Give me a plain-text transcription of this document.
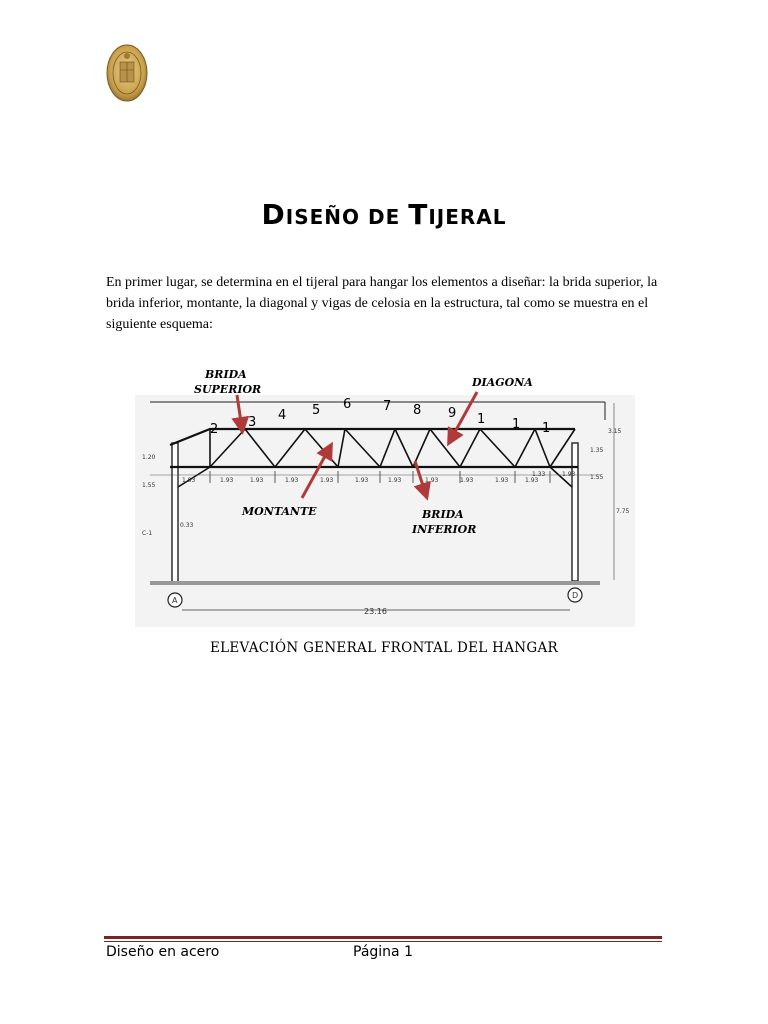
DISEÑO DE TIJERAL
En primer lugar, se determina en el tijeral para hangar los elementos a diseñar: la brida superior, la brida inferior, montante, la diagonal y vigas de celosia en la estructura, tal como se muestra en el siguiente esquema:
1.93	1.93	1.93	1.93	1.93	1.93	1.93	1.93	1.93	1.93	1.93
1.33	1.93
1.20
1.55
0.33
C-1
3.15
1.35
1.55
7.75
A
D
23.16
2 3 4 5 6 7 8 9 1 1 1
BRIDA
SUPERIOR
DIAGONA
MONTANTE	BRIDA
INFERIOR
ELEVACIÓN GENERAL FRONTAL DEL HANGAR
Diseño en acero	Página 1
